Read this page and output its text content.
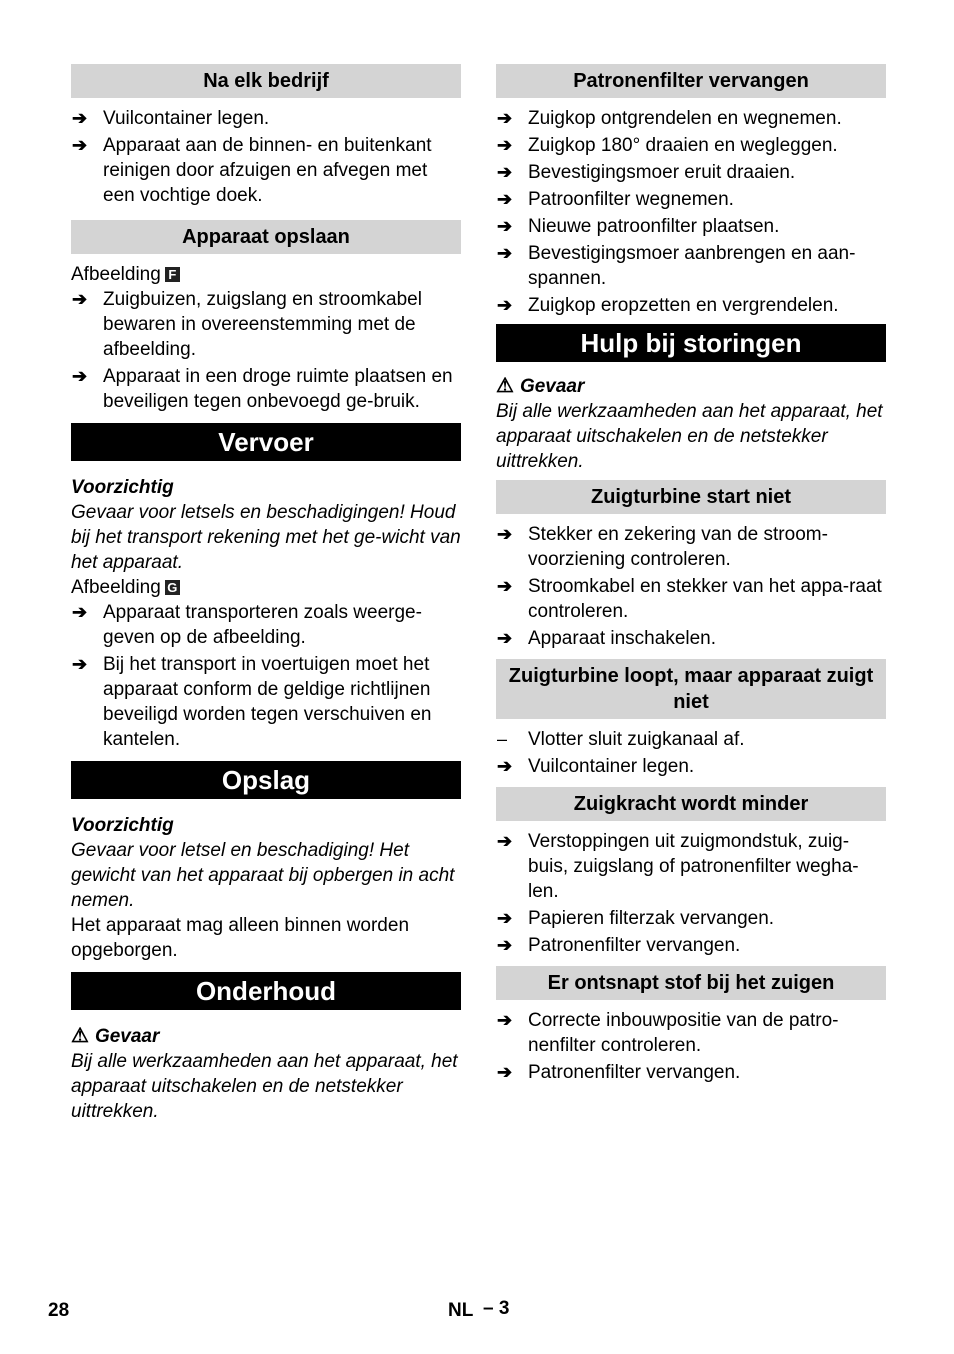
Na elk bedrijf
➔ Vuilcontainer legen.
➔ Apparaat aan de binnen- en buitenkant reinigen door afzuigen en afvegen met een vochtige doek.
Apparaat opslaan
Afbeelding F
➔ Zuigbuizen, zuigslang en stroomkabel bewaren in overeenstemming met de afbeelding.
➔ Apparaat in een droge ruimte plaatsen en beveiligen tegen onbevoegd ge-bruik.
Vervoer
Voorzichtig
Gevaar voor letsels en beschadigingen! Houd bij het transport rekening met het ge-wicht van het apparaat.
Afbeelding G
➔ Apparaat transporteren zoals weerge-geven op de afbeelding.
➔ Bij het transport in voertuigen moet het apparaat conform de geldige richtlijnen beveiligd worden tegen verschuiven en kantelen.
Opslag
Voorzichtig
Gevaar voor letsel en beschadiging! Het gewicht van het apparaat bij opbergen in acht nemen.
Het apparaat mag alleen binnen worden opgeborgen.
Onderhoud
⚠ Gevaar
Bij alle werkzaamheden aan het apparaat, het apparaat uitschakelen en de netstekker uittrekken.
Patronenfilter vervangen
➔ Zuigkop ontgrendelen en wegnemen.
➔ Zuigkop 180° draaien en wegleggen.
➔ Bevestigingsmoer eruit draaien.
➔ Patroonfilter wegnemen.
➔ Nieuwe patroonfilter plaatsen.
➔ Bevestigingsmoer aanbrengen en aan-spannen.
➔ Zuigkop eropzetten en vergrendelen.
Hulp bij storingen
⚠ Gevaar
Bij alle werkzaamheden aan het apparaat, het apparaat uitschakelen en de netstekker uittrekken.
Zuigturbine start niet
➔ Stekker en zekering van de stroom-voorziening controleren.
➔ Stroomkabel en stekker van het appa-raat controleren.
➔ Apparaat inschakelen.
Zuigturbine loopt, maar apparaat zuigt niet
– Vlotter sluit zuigkanaal af.
➔ Vuilcontainer legen.
Zuigkracht wordt minder
➔ Verstoppingen uit zuigmondstuk, zuig-buis, zuigslang of patronenfilter wegha-len.
➔ Papieren filterzak vervangen.
➔ Patronenfilter vervangen.
Er ontsnapt stof bij het zuigen
➔ Correcte inbouwpositie van de patro-nenfilter controleren.
➔ Patronenfilter vervangen.
28	NL – 3
